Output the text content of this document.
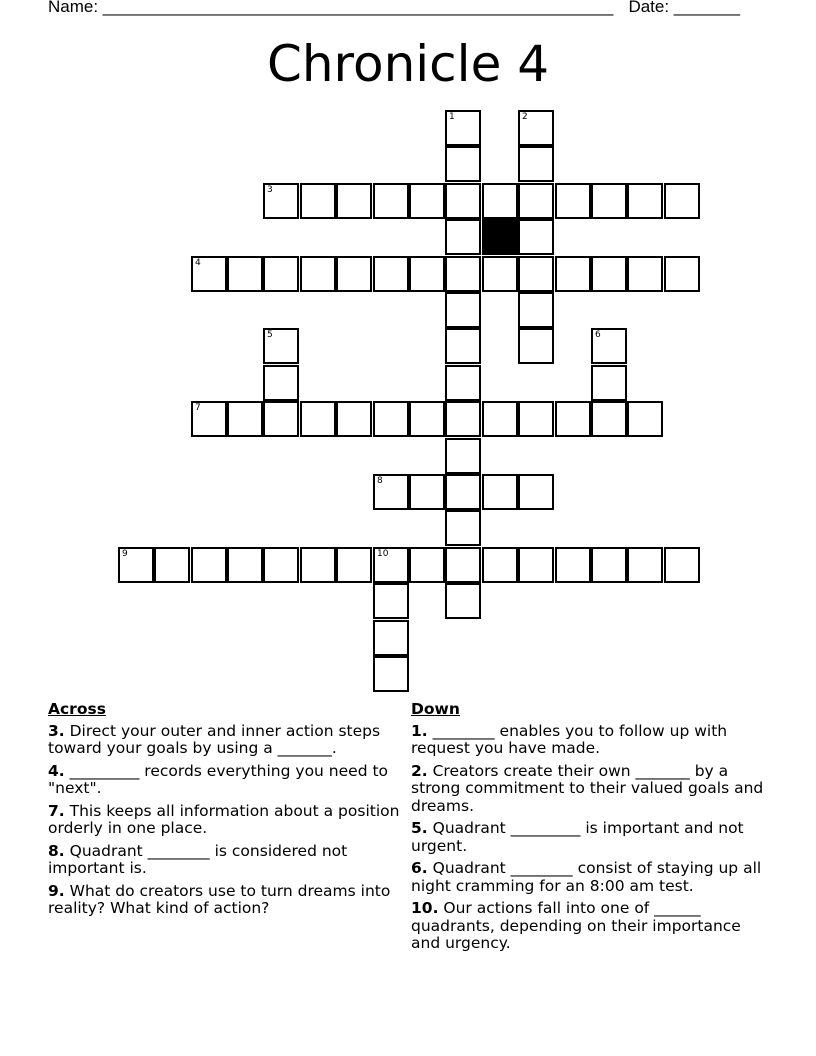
Name: ______________________________________________________ Date: _______
Chronicle 4
1	2
3
4
5	6
7
8
9	10
Across
3. Direct your outer and inner action steps toward your goals by using a _______.
4. _________ records everything you need to "next".
7. This keeps all information about a position orderly in one place.
8. Quadrant ________ is considered not important is.
9. What do creators use to turn dreams into reality? What kind of action?
Down
1. ________ enables you to follow up with request you have made.
2. Creators create their own _______ by a strong commitment to their valued goals and dreams.
5. Quadrant _________ is important and not urgent.
6. Quadrant ________ consist of staying up all night cramming for an 8:00 am test.
10. Our actions fall into one of ______ quadrants, depending on their importance and urgency.
